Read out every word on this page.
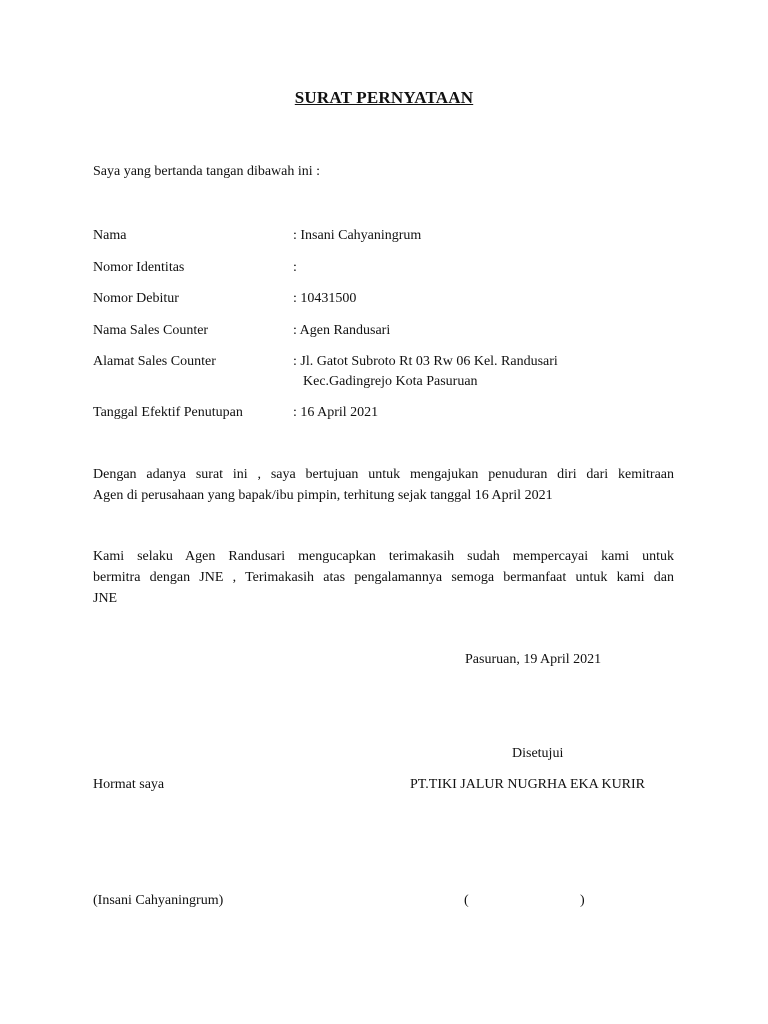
SURAT PERNYATAAN
Saya yang bertanda tangan dibawah ini :
Nama	: Insani Cahyaningrum
Nomor Identitas	:
Nomor Debitur	: 10431500
Nama Sales Counter	: Agen Randusari
Alamat Sales Counter	: Jl. Gatot Subroto Rt 03 Rw 06 Kel. Randusari
Kec.Gadingrejo Kota Pasuruan
Tanggal Efektif Penutupan	: 16 April 2021
Dengan adanya surat ini , saya bertujuan untuk mengajukan penuduran diri dari kemitraan
Agen di perusahaan yang bapak/ibu pimpin, terhitung sejak tanggal 16 April 2021
Kami selaku Agen Randusari mengucapkan terimakasih sudah mempercayai kami untuk
bermitra dengan JNE , Terimakasih atas pengalamannya semoga bermanfaat untuk kami dan
JNE
Pasuruan, 19 April 2021
Disetujui
Hormat saya	PT.TIKI JALUR NUGRHA EKA KURIR
(Insani Cahyaningrum)	(	)
